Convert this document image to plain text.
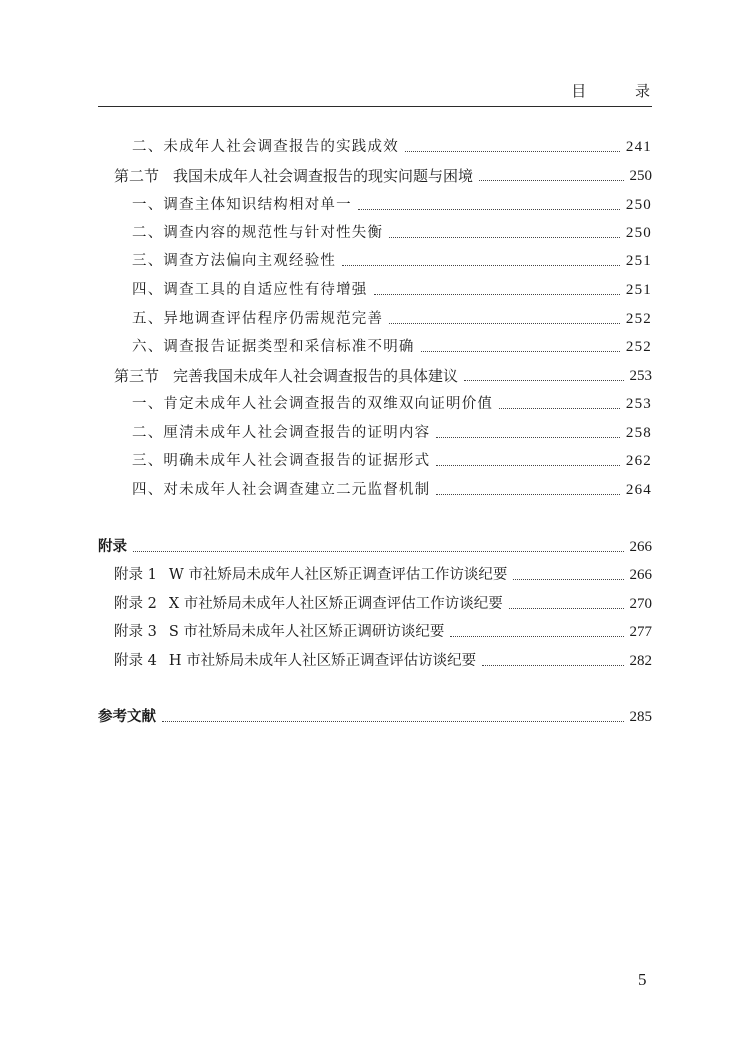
目 录
二、未成年人社会调查报告的实践成效	241
第二节 我国未成年人社会调查报告的现实问题与困境	250
一、调查主体知识结构相对单一	250
二、调查内容的规范性与针对性失衡	250
三、调查方法偏向主观经验性	251
四、调查工具的自适应性有待增强	251
五、异地调查评估程序仍需规范完善	252
六、调查报告证据类型和采信标准不明确	252
第三节 完善我国未成年人社会调查报告的具体建议	253
一、肯定未成年人社会调查报告的双维双向证明价值	253
二、厘清未成年人社会调查报告的证明内容	258
三、明确未成年人社会调查报告的证据形式	262
四、对未成年人社会调查建立二元监督机制	264
附录	266
附录 1 W 市社矫局未成年人社区矫正调查评估工作访谈纪要	266
附录 2 X 市社矫局未成年人社区矫正调查评估工作访谈纪要	270
附录 3 S 市社矫局未成年人社区矫正调研访谈纪要	277
附录 4 H 市社矫局未成年人社区矫正调查评估访谈纪要	282
参考文献	285
5
